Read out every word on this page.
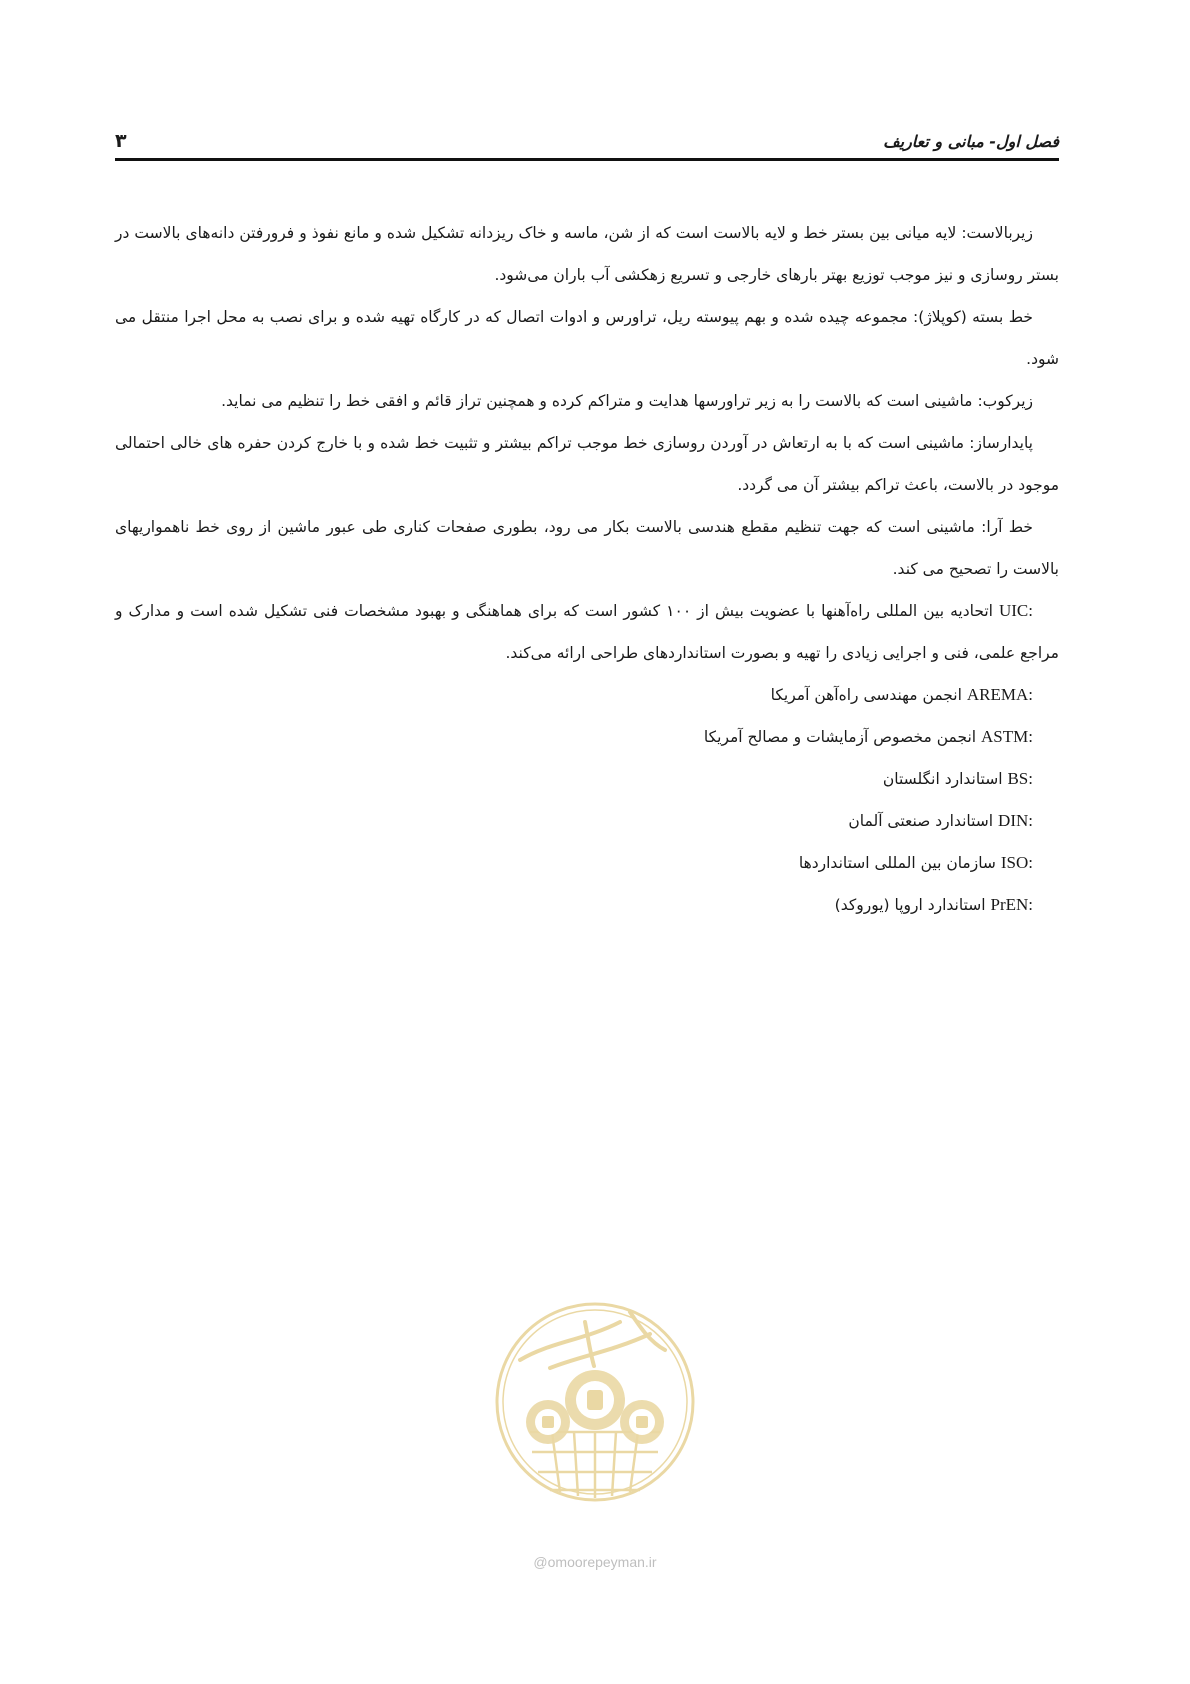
فصل اول- مبانی و تعاریف
۳

زیربالاست: لایه میانی بین بستر خط و لایه بالاست است که از شن، ماسه و خاک ریزدانه تشکیل شده و مانع نفوذ و فرورفتن دانه‌های بالاست در بستر روسازی و نیز موجب توزیع بهتر بارهای خارجی و تسریع زهکشی آب باران می‌شود.

خط بسته (کوپلاژ): مجموعه چیده شده و بهم پیوسته ریل، تراورس و ادوات اتصال که در کارگاه تهیه شده و برای نصب به محل اجرا منتقل می شود.

زیرکوب: ماشینی است که بالاست را به زیر تراورسها هدایت و متراکم کرده و همچنین تراز قائم و افقی خط را تنظیم می نماید.

پایدارساز: ماشینی است که با به ارتعاش در آوردن روسازی خط موجب تراکم بیشتر و تثبیت خط شده و با خارج کردن حفره های خالی احتمالی موجود در بالاست، باعث تراکم بیشتر آن می گردد.

خط آرا: ماشینی است که جهت تنظیم مقطع هندسی بالاست بکار می رود، بطوری صفحات کناری طی عبور ماشین از روی خط ناهمواریهای بالاست را تصحیح می کند.

UIC: اتحادیه بین المللی راه‌آهنها با عضویت بیش از ۱۰۰ کشور است که برای هماهنگی و بهبود مشخصات فنی تشکیل شده است و مدارک و مراجع علمی، فنی و اجرایی زیادی را تهیه و بصورت استانداردهای طراحی ارائه می‌کند.

AREMA: انجمن مهندسی راه‌آهن آمریکا
ASTM: انجمن مخصوص آزمایشات و مصالح آمریکا
BS: استاندارد انگلستان
DIN: استاندارد صنعتی آلمان
ISO: سازمان بین المللی استانداردها
PrEN: استاندارد اروپا (یوروکد)
@omoorepeyman.ir
